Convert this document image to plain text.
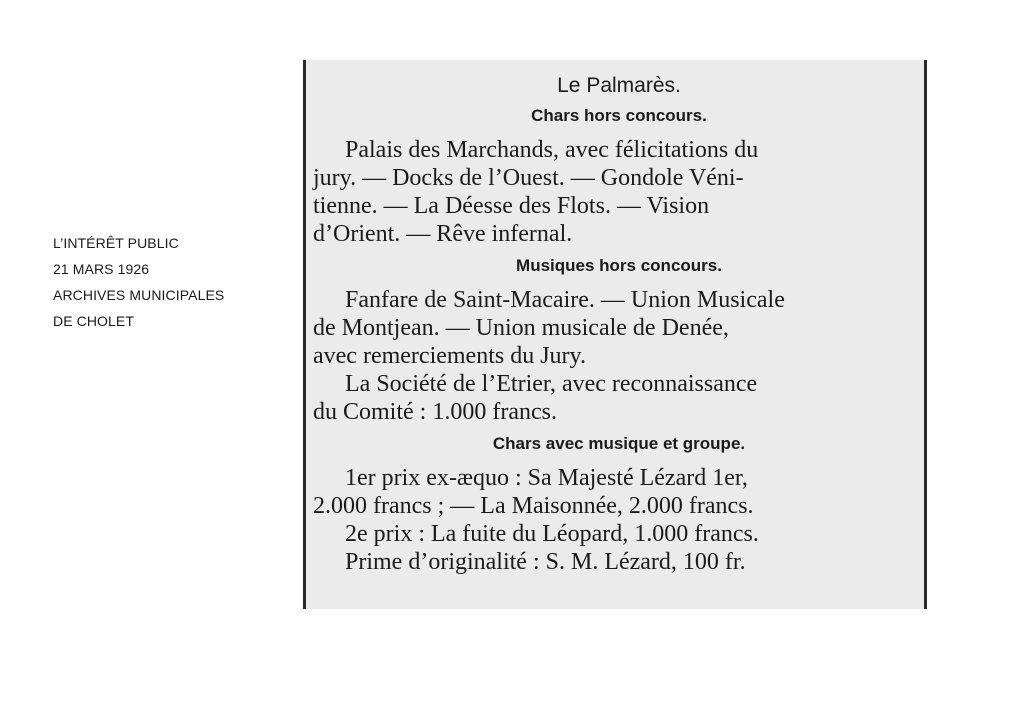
L’INTÉRÊT PUBLIC
21 MARS 1926
ARCHIVES MUNICIPALES
DE CHOLET
Le Palmarès.
Chars hors concours.

Palais des Marchands, avec félicitations du

jury. — Docks de l’Ouest. — Gondole Véni-

tienne. — La Déesse des Flots. — Vision

d’Orient. — Rêve infernal.

Musiques hors concours.

Fanfare de Saint-Macaire. — Union Musicale

de Montjean. — Union musicale de Denée,

avec remerciements du Jury.

La Société de l’Etrier, avec reconnaissance

du Comité : 1.000 francs.

Chars avec musique et groupe.

1er prix ex-æquo : Sa Majesté Lézard 1er,

2.000 francs ; — La Maisonnée, 2.000 francs.

2e prix : La fuite du Léopard, 1.000 francs.

Prime d’originalité : S. M. Lézard, 100 fr.
